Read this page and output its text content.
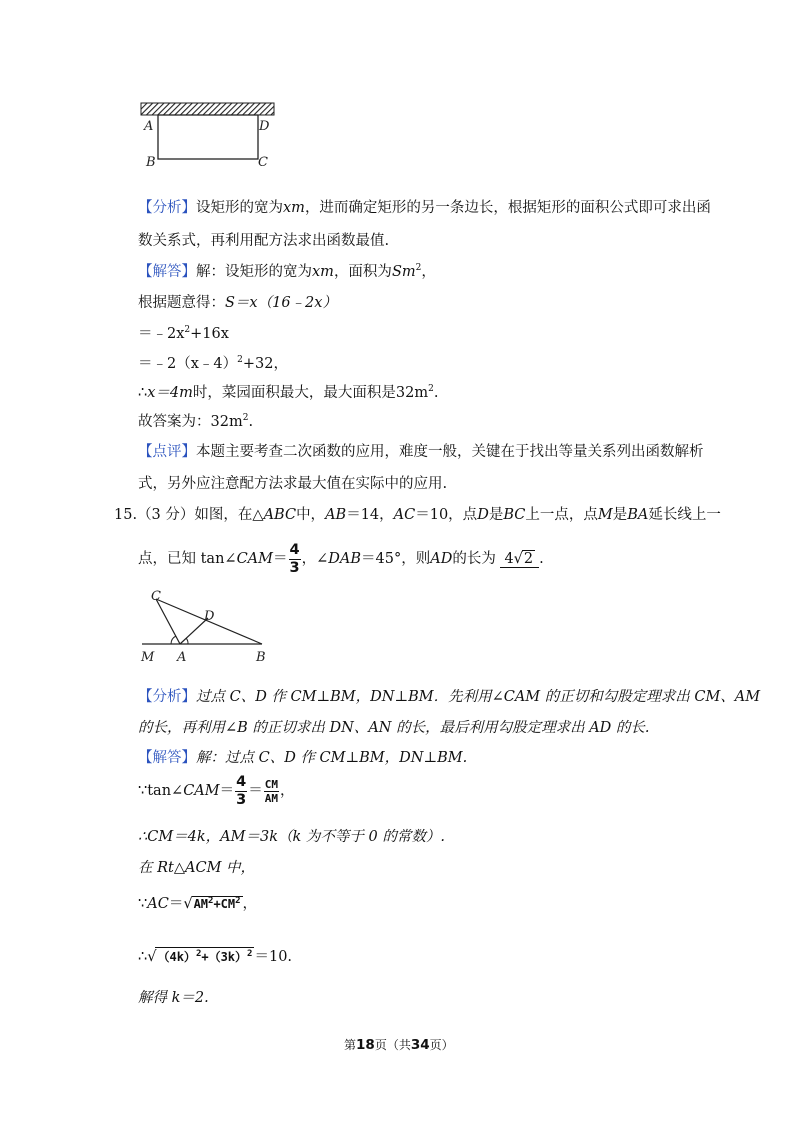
A	D
B	C
【分析】设矩形的宽为xm，进而确定矩形的另一条边长，根据矩形的面积公式即可求出函
数关系式，再利用配方法求出函数最值.
【解答】解：设矩形的宽为xm，面积为Sm$^2$，
根据题意得：S＝x（16﹣2x）
$=﹣2x^2+16x$
＝﹣2（x﹣4）$^2$+32，
∴x＝4m时，菜园面积最大，最大面积是$32m^2$.
故答案为：$32m^2$.
【点评】本题主要考查二次函数的应用，难度一般，关键在于找出等量关系列出函数解析
式，另外应注意配方法求最大值在实际中的应用.
15.（3 分）如图，在△ABC中，AB＝14，AC＝10，点D是BC上一点，点M是BA延长线上一
点，已知 tan∠CAM＝ $\frac{4}{3}$ ，∠DAB＝45°，则AD的长为 4√2 .
C
D
M A	B
【分析】过点 C、D 作 CM⊥BM，DN⊥BM．先利用∠CAM 的正切和勾股定理求出 CM、AM
的长，再利用∠B 的正切求出 DN、AN 的长，最后利用勾股定理求出 AD 的长.
【解答】解：过点 C、D 作 CM⊥BM，DN⊥BM.
∵tan∠CAM＝ $\frac{4}{3} = \frac{CM}{AM}$ ，
∴CM＝4k，AM＝3k（k 为不等于 0 的常数）.
在 Rt△ACM 中，
$\because AC=√AM^2+CM^2$ ，
$\therefore√(4k)^2+(3k)^2 =10$.
解得 k＝2.
第18页（共34页）
